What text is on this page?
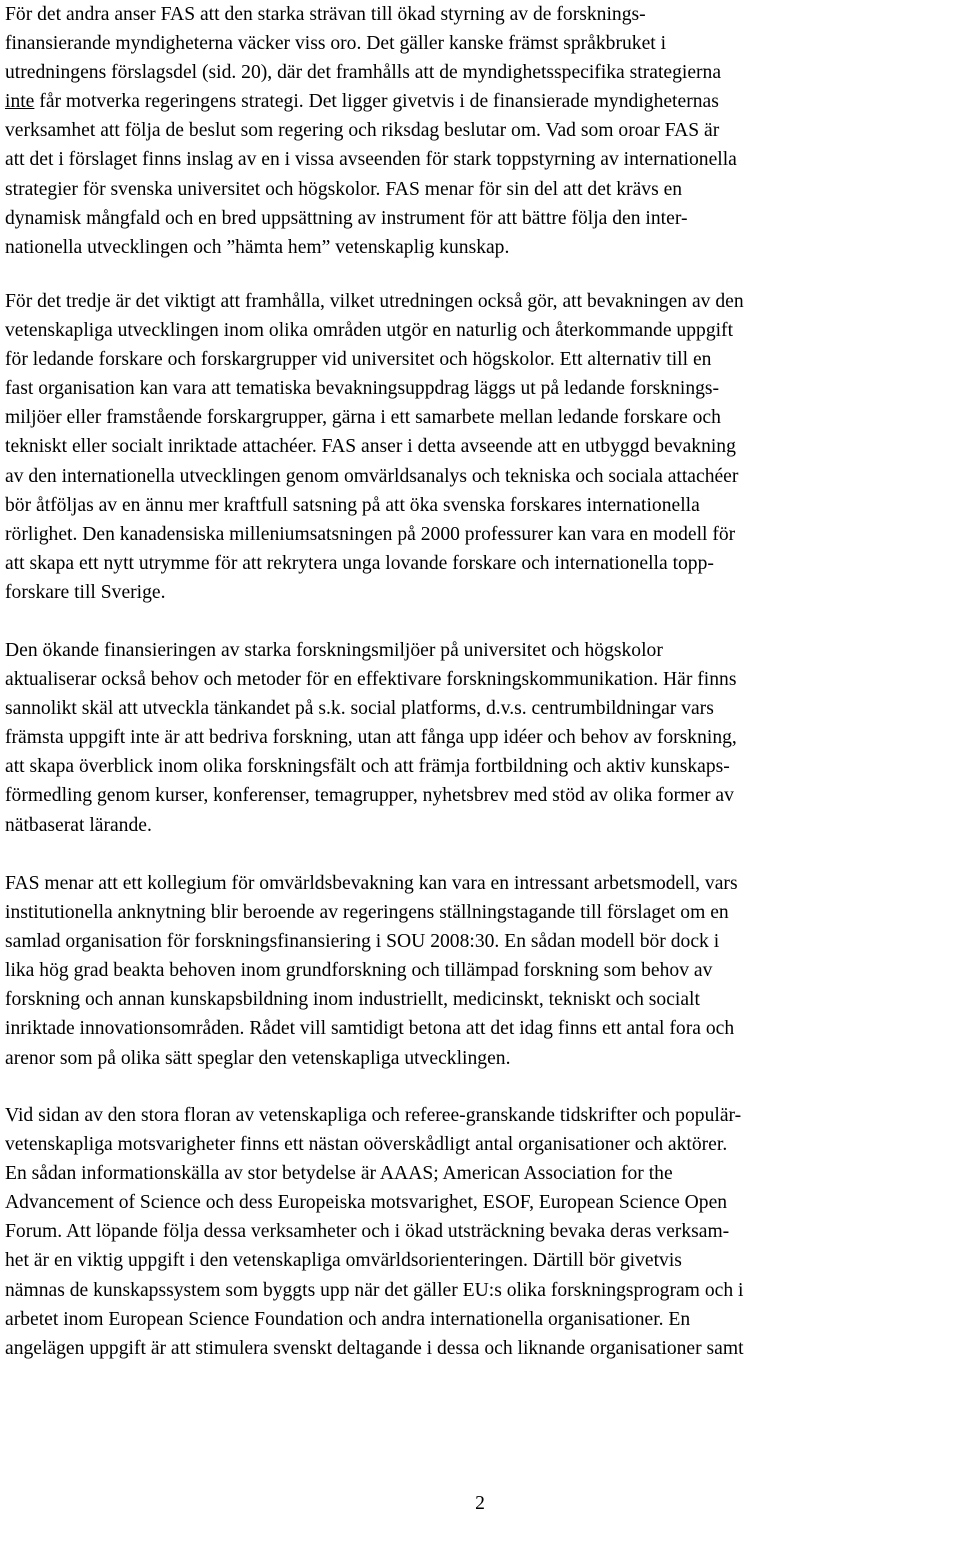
För det andra anser FAS att den starka strävan till ökad styrning av de forsknings-
finansierande myndigheterna väcker viss oro. Det gäller kanske främst språkbruket i
utredningens förslagsdel (sid. 20), där det framhålls att de myndighetsspecifika strategierna
inte får motverka regeringens strategi. Det ligger givetvis i de finansierade myndigheternas
verksamhet att följa de beslut som regering och riksdag beslutar om. Vad som oroar FAS är
att det i förslaget finns inslag av en i vissa avseenden för stark toppstyrning av internationella
strategier för svenska universitet och högskolor. FAS menar för sin del att det krävs en
dynamisk mångfald och en bred uppsättning av instrument för att bättre följa den inter-
nationella utvecklingen och ”hämta hem” vetenskaplig kunskap.
För det tredje är det viktigt att framhålla, vilket utredningen också gör, att bevakningen av den
vetenskapliga utvecklingen inom olika områden utgör en naturlig och återkommande uppgift
för ledande forskare och forskargrupper vid universitet och högskolor. Ett alternativ till en
fast organisation kan vara att tematiska bevakningsuppdrag läggs ut på ledande forsknings-
miljöer eller framstående forskargrupper, gärna i ett samarbete mellan ledande forskare och
tekniskt eller socialt inriktade attachéer. FAS anser i detta avseende att en utbyggd bevakning
av den internationella utvecklingen genom omvärldsanalys och tekniska och sociala attachéer
bör åtföljas av en ännu mer kraftfull satsning på att öka svenska forskares internationella
rörlighet. Den kanadensiska milleniumsatsningen på 2000 professurer kan vara en modell för
att skapa ett nytt utrymme för att rekrytera unga lovande forskare och internationella topp-
forskare till Sverige.
Den ökande finansieringen av starka forskningsmiljöer på universitet och högskolor
aktualiserar också behov och metoder för en effektivare forskningskommunikation. Här finns
sannolikt skäl att utveckla tänkandet på s.k. social platforms, d.v.s. centrumbildningar vars
främsta uppgift inte är att bedriva forskning, utan att fånga upp idéer och behov av forskning,
att skapa överblick inom olika forskningsfält och att främja fortbildning och aktiv kunskaps-
förmedling genom kurser, konferenser, temagrupper, nyhetsbrev med stöd av olika former av
nätbaserat lärande.
FAS menar att ett kollegium för omvärldsbevakning kan vara en intressant arbetsmodell, vars
institutionella anknytning blir beroende av regeringens ställningstagande till förslaget om en
samlad organisation för forskningsfinansiering i SOU 2008:30. En sådan modell bör dock i
lika hög grad beakta behoven inom grundforskning och tillämpad forskning som behov av
forskning och annan kunskapsbildning inom industriellt, medicinskt, tekniskt och socialt
inriktade innovationsområden. Rådet vill samtidigt betona att det idag finns ett antal fora och
arenor som på olika sätt speglar den vetenskapliga utvecklingen.
Vid sidan av den stora floran av vetenskapliga och referee-granskande tidskrifter och populär-
vetenskapliga motsvarigheter finns ett nästan oöverskådligt antal organisationer och aktörer.
En sådan informationskälla av stor betydelse är AAAS; American Association for the
Advancement of Science och dess Europeiska motsvarighet, ESOF, European Science Open
Forum. Att löpande följa dessa verksamheter och i ökad utsträckning bevaka deras verksam-
het är en viktig uppgift i den vetenskapliga omvärldsorienteringen. Därtill bör givetvis
nämnas de kunskapssystem som byggts upp när det gäller EU:s olika forskningsprogram och i
arbetet inom European Science Foundation och andra internationella organisationer. En
angelägen uppgift är att stimulera svenskt deltagande i dessa och liknande organisationer samt
2
